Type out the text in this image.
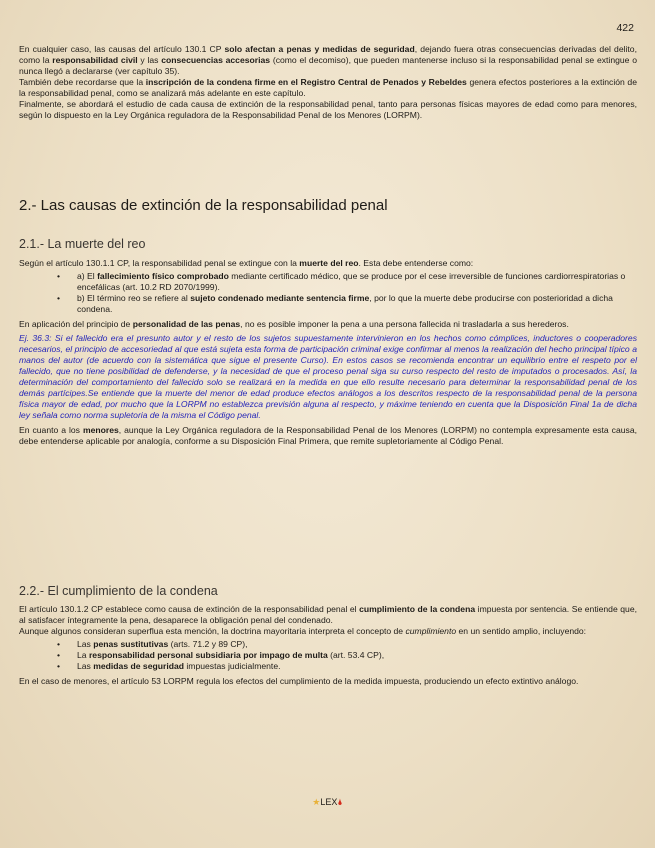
422

En cualquier caso, las causas del artículo 130.1 CP solo afectan a penas y medidas de seguridad, dejando fuera otras consecuencias derivadas del delito, como la responsabilidad civil y las consecuencias accesorias (como el decomiso), que pueden mantenerse incluso si la responsabilidad penal se extingue o nunca llegó a declararse (ver capítulo 35).

También debe recordarse que la inscripción de la condena firme en el Registro Central de Penados y Rebeldes genera efectos posteriores a la extinción de la responsabilidad penal, como se analizará más adelante en este capítulo.

Finalmente, se abordará el estudio de cada causa de extinción de la responsabilidad penal, tanto para personas físicas mayores de edad como para menores, según lo dispuesto en la Ley Orgánica reguladora de la Responsabilidad Penal de los Menores (LORPM).

2.- Las causas de extinción de la responsabilidad penal
2.1.- La muerte del reo

Según el artículo 130.1.1 CP, la responsabilidad penal se extingue con la muerte del reo. Esta debe entenderse como:

• a) El fallecimiento físico comprobado mediante certificado médico, que se produce por el cese irreversible de funciones cardiorrespiratorias o encefálicas (art. 10.2 RD 2070/1999).
• b) El término reo se refiere al sujeto condenado mediante sentencia firme, por lo que la muerte debe producirse con posterioridad a dicha condena.

En aplicación del principio de personalidad de las penas, no es posible imponer la pena a una persona fallecida ni trasladarla a sus herederos.

Ej. 36.3: Si el fallecido era el presunto autor y el resto de los sujetos supuestamente intervinieron en los hechos como cómplices, inductores o cooperadores necesarios, el principio de accesoriedad al que está sujeta esta forma de participación criminal exige confirmar al menos la realización del hecho principal típico a manos del autor (de acuerdo con la sistemática que sigue el presente Curso). En estos casos se recomienda encontrar un equilibrio entre el respeto por el fallecido, que no tiene posibilidad de defenderse, y la necesidad de que el proceso penal siga su curso respecto del resto de imputados o procesados. Así, la determinación del comportamiento del fallecido solo se realizará en la medida en que ello resulte necesario para determinar la responsabilidad penal de los demás partícipes.Se entiende que la muerte del menor de edad produce efectos análogos a los descritos respecto de la responsabilidad penal de la persona física mayor de edad, por mucho que la LORPM no establezca previsión alguna al respecto, y máxime teniendo en cuenta que la Disposición Final 1a de dicha ley señala como norma supletoria de la misma el Código penal.

En cuanto a los menores, aunque la Ley Orgánica reguladora de la Responsabilidad Penal de los Menores (LORPM) no contempla expresamente esta causa, debe entenderse aplicable por analogía, conforme a su Disposición Final Primera, que remite supletoriamente al Código Penal.

2.2.- El cumplimiento de la condena

El artículo 130.1.2 CP establece como causa de extinción de la responsabilidad penal el cumplimiento de la condena impuesta por sentencia. Se entiende que, al satisfacer íntegramente la pena, desaparece la obligación penal del condenado.

Aunque algunos consideran superflua esta mención, la doctrina mayoritaria interpreta el concepto de cumplimiento en un sentido amplio, incluyendo:

• Las penas sustitutivas (arts. 71.2 y 89 CP),
• La responsabilidad personal subsidiaria por impago de multa (art. 53.4 CP),
• Las medidas de seguridad impuestas judicialmente.

En el caso de menores, el artículo 53 LORPM regula los efectos del cumplimiento de la medida impuesta, produciendo un efecto extintivo análogo.

★LEX🌢
